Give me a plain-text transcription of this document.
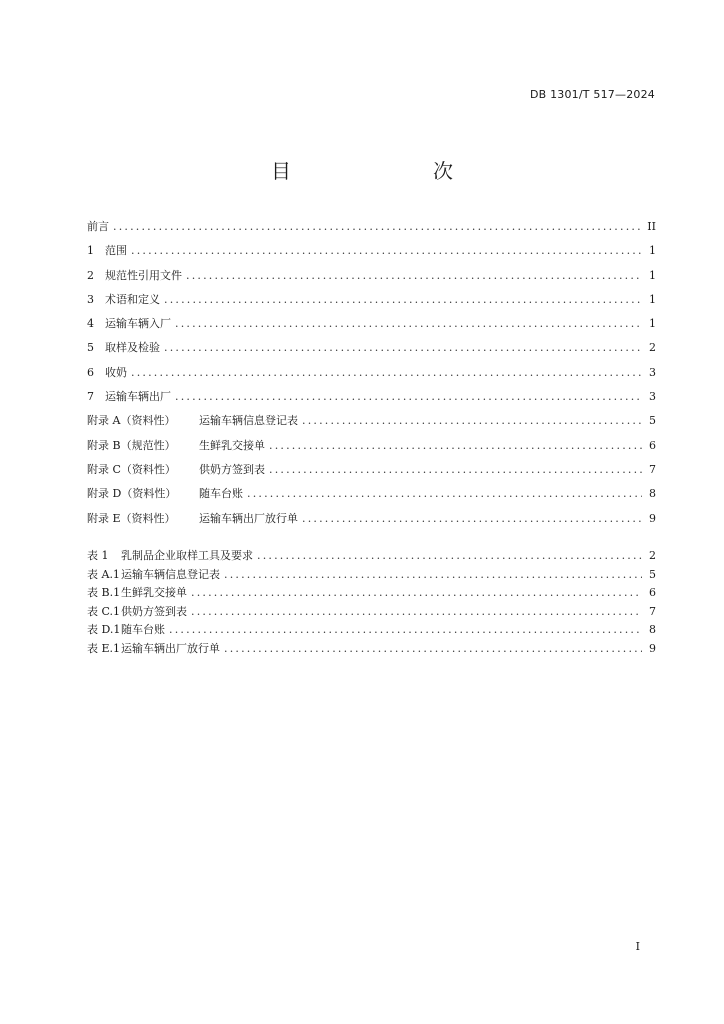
DB 1301/T 517—2024
目　　次
前言 .....	II
1	范围 .....	1
2	规范性引用文件 .....	1
3	术语和定义 .....	1
4	运输车辆入厂 .....	1
5	取样及检验 .....	2
6	收奶 .....	3
7	运输车辆出厂 .....	3
附录 A（资料性）	运输车辆信息登记表 .....	5
附录 B（规范性）	生鲜乳交接单 .....	6
附录 C（资料性）	供奶方签到表 .....	7
附录 D（资料性）	随车台账 .....	8
附录 E（资料性）	运输车辆出厂放行单 .....	9
表 1	乳制品企业取样工具及要求 .....	2
表 A.1 运输车辆信息登记表 .....	5
表 B.1 生鲜乳交接单 .....	6
表 C.1 供奶方签到表 .....	7
表 D.1 随车台账 .....	8
表 E.1 运输车辆出厂放行单 .....	9
I
